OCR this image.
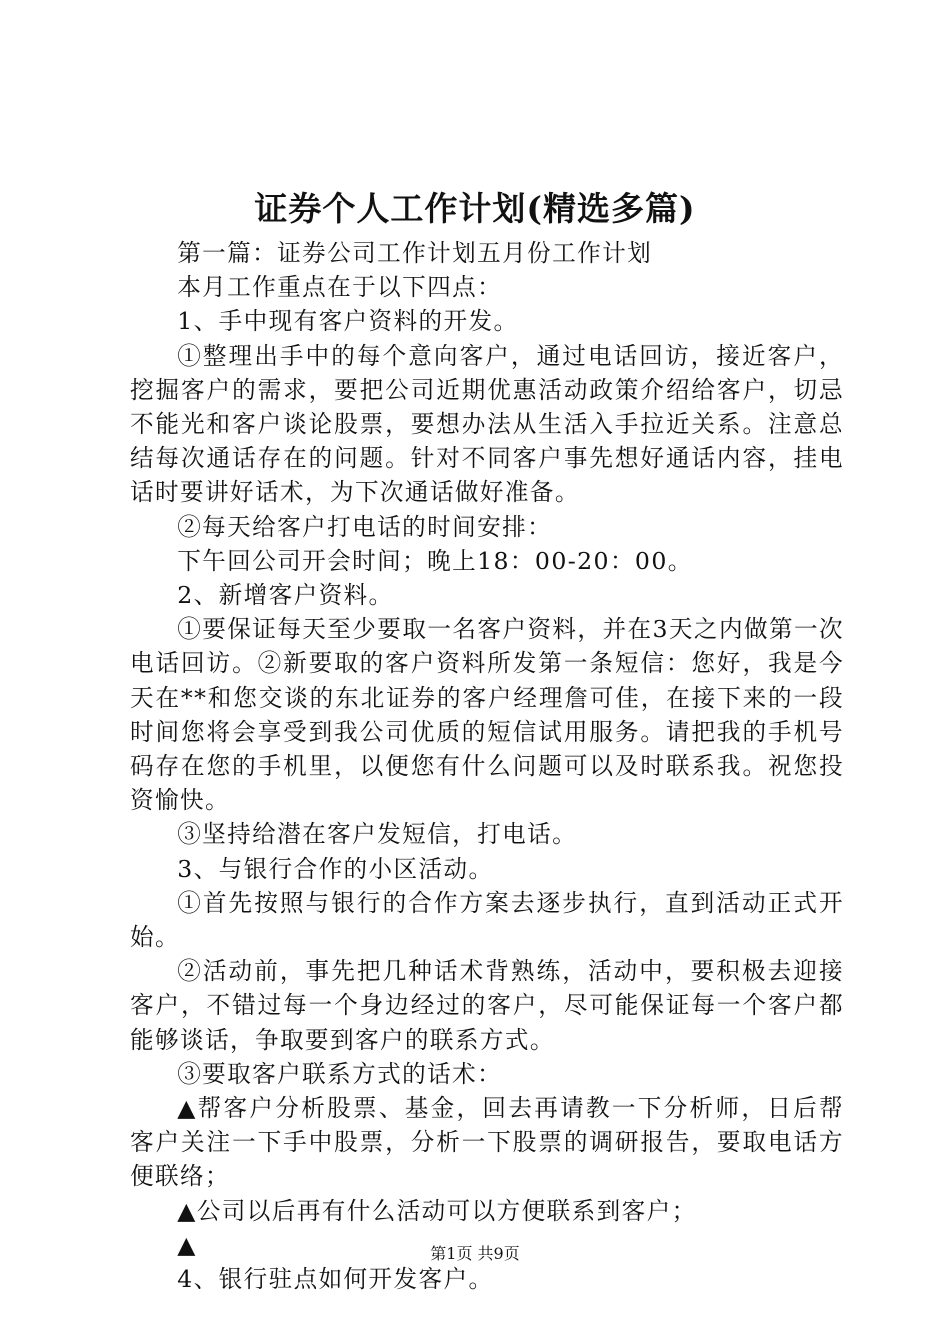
证券个人工作计划(精选多篇)

第一篇：证券公司工作计划五月份工作计划

本月工作重点在于以下四点：

1、手中现有客户资料的开发。

①整理出手中的每个意向客户，通过电话回访，接近客户，挖掘客户的需求，要把公司近期优惠活动政策介绍给客户，切忌不能光和客户谈论股票，要想办法从生活入手拉近关系。注意总结每次通话存在的问题。针对不同客户事先想好通话内容，挂电话时要讲好话术，为下次通话做好准备。

②每天给客户打电话的时间安排：

下午回公司开会时间；晚上18：00-20：00。

2、新增客户资料。

①要保证每天至少要取一名客户资料，并在3天之内做第一次电话回访。②新要取的客户资料所发第一条短信：您好，我是今天在**和您交谈的东北证券的客户经理詹可佳，在接下来的一段时间您将会享受到我公司优质的短信试用服务。请把我的手机号码存在您的手机里，以便您有什么问题可以及时联系我。祝您投资愉快。

③坚持给潜在客户发短信，打电话。

3、与银行合作的小区活动。

①首先按照与银行的合作方案去逐步执行，直到活动正式开始。

②活动前，事先把几种话术背熟练，活动中，要积极去迎接客户，不错过每一个身边经过的客户，尽可能保证每一个客户都能够谈话，争取要到客户的联系方式。

③要取客户联系方式的话术：

▲帮客户分析股票、基金，回去再请教一下分析师，日后帮客户关注一下手中股票，分析一下股票的调研报告，要取电话方便联络；

▲公司以后再有什么活动可以方便联系到客户；

▲

4、银行驻点如何开发客户。

第1页 共9页
